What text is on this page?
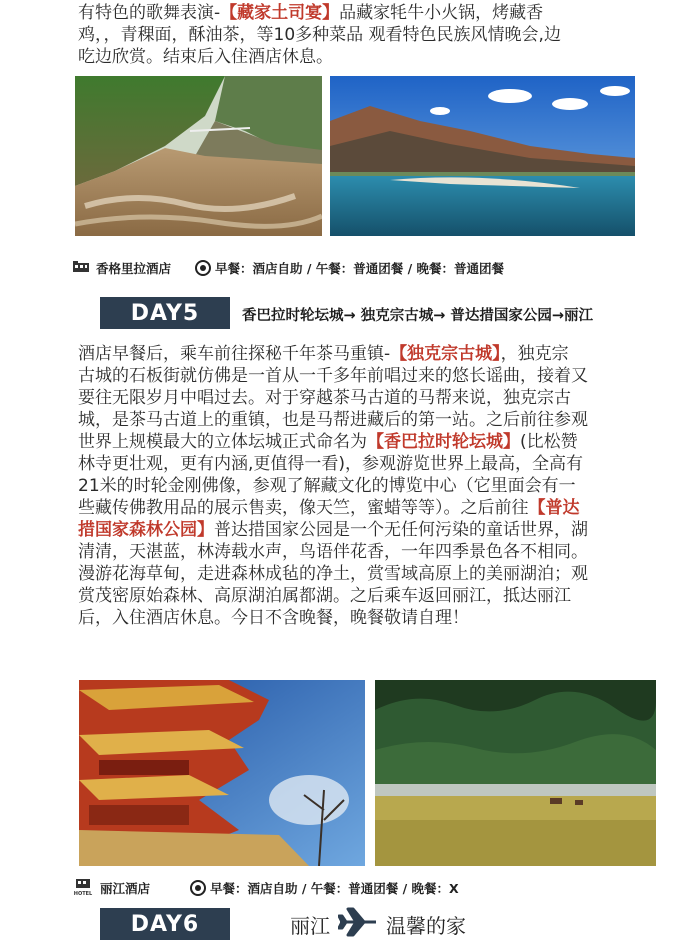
有特色的歌舞表演-【藏家土司宴】品藏家牦牛小火锅，烤藏香
鸡，，青稞面，酥油茶，等10多种菜品 观看特色民族风情晚会,边
吃边欣赏。结束后入住酒店休息。
香格里拉酒店	早餐：酒店自助 / 午餐：普通团餐 / 晚餐：普通团餐
DAY5	香巴拉时轮坛城→ 独克宗古城→ 普达措国家公园→丽江
酒店早餐后，乘车前往探秘千年茶马重镇-【独克宗古城】，独克宗
古城的石板街就仿佛是一首从一千多年前唱过来的悠长谣曲，接着又
要往无限岁月中唱过去。对于穿越茶马古道的马帮来说，独克宗古
城，是茶马古道上的重镇，也是马帮进藏后的第一站。之后前往参观
世界上规模最大的立体坛城正式命名为【香巴拉时轮坛城】(比松赞
林寺更壮观，更有内涵,更值得一看)，参观游览世界上最高，全高有
21米的时轮金刚佛像，参观了解藏文化的博览中心（它里面会有一
些藏传佛教用品的展示售卖，像天竺，蜜蜡等等）。之后前往【普达
措国家森林公园】普达措国家公园是一个无任何污染的童话世界，湖
清清，天湛蓝，林涛载水声，鸟语伴花香，一年四季景色各不相同。
漫游花海草甸，走进森林成毡的净土，赏雪域高原上的美丽湖泊；观
赏茂密原始森林、高原湖泊属都湖。之后乘车返回丽江，抵达丽江
后，入住酒店休息。今日不含晚餐，晚餐敬请自理！
HOTEL 丽江酒店	早餐：酒店自助 / 午餐：普通团餐 / 晚餐：X
DAY6	丽江	温馨的家
